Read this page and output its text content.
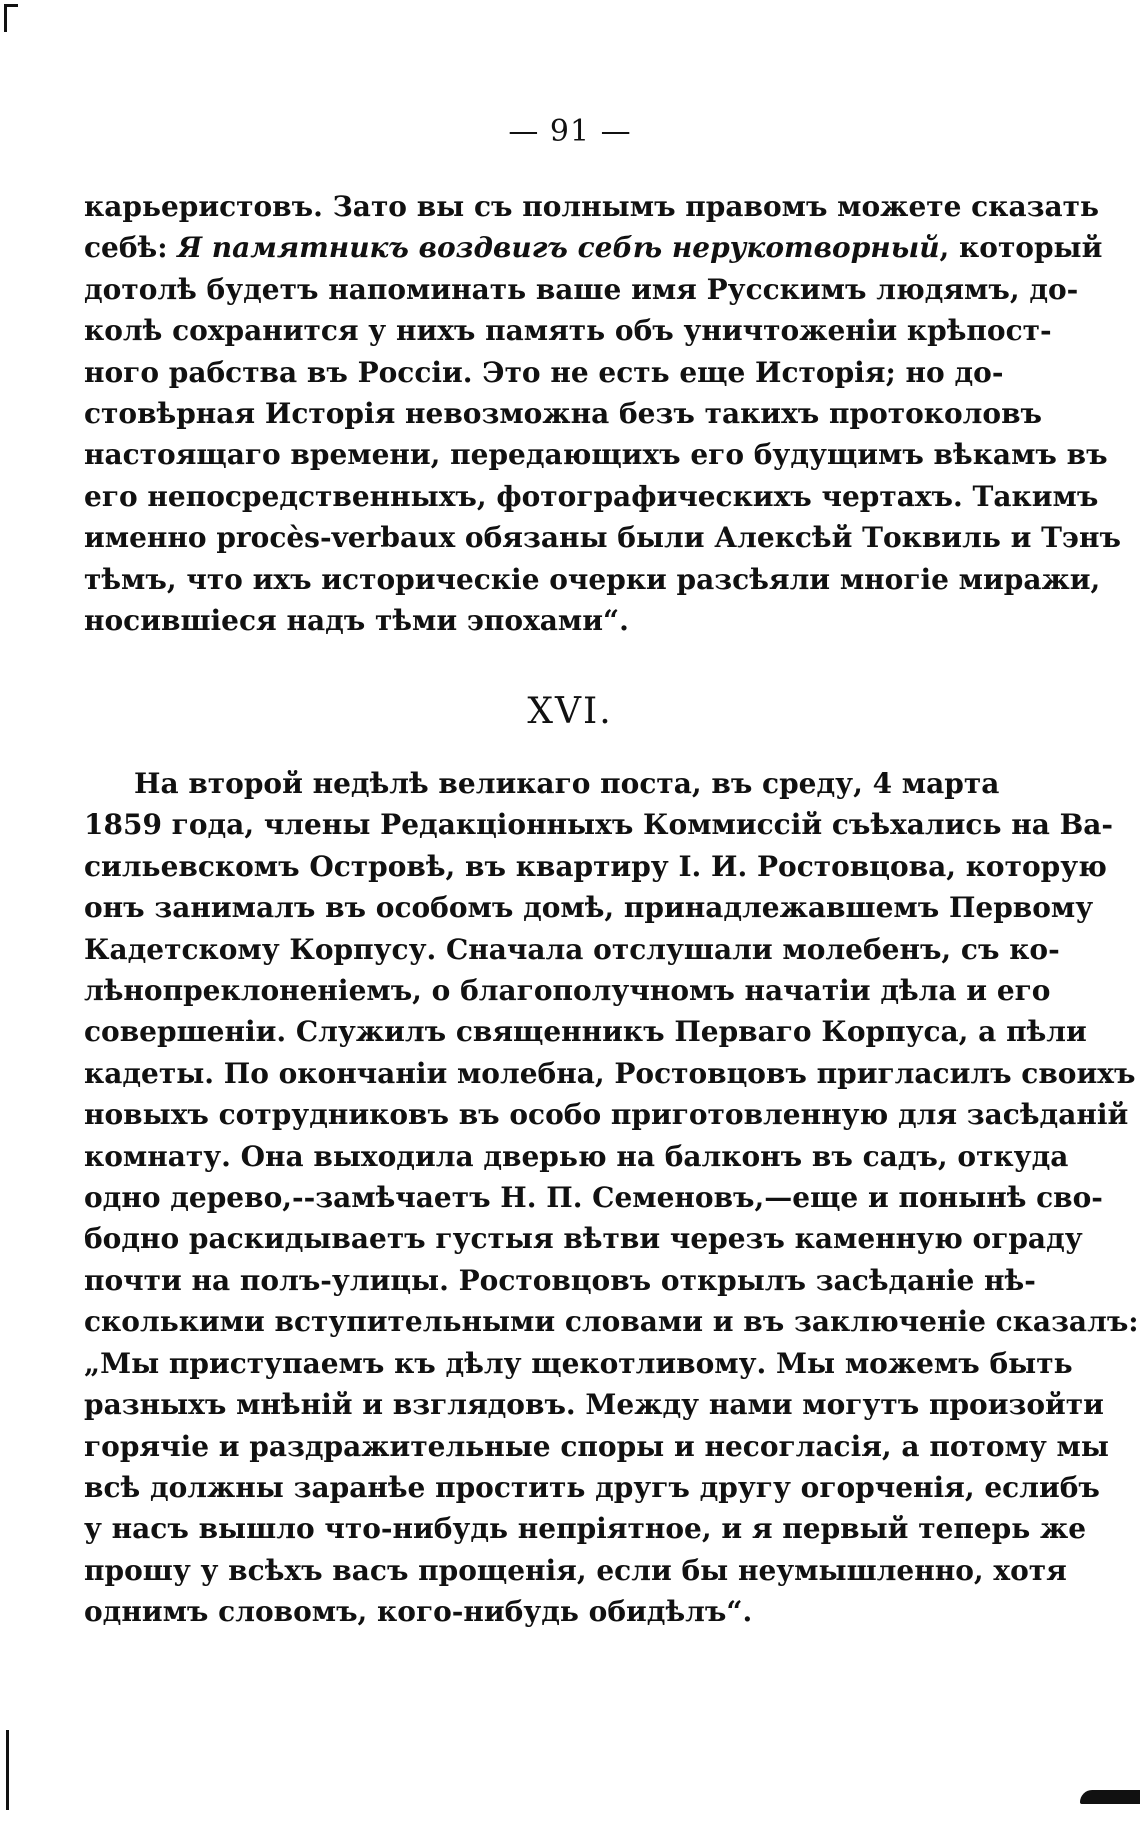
— 91 —
карьеристовъ. Зато вы съ полнымъ правомъ можете сказать
себѣ: Я памятникъ воздвигъ себѣ нерукотворный, который
дотолѣ будетъ напоминать ваше имя Русскимъ людямъ, до-
колѣ сохранится у нихъ память объ уничтоженіи крѣпост-
ного рабства въ Россіи. Это не есть еще Исторія; но до-
стовѣрная Исторія невозможна безъ такихъ протоколовъ
настоящаго времени, передающихъ его будущимъ вѣкамъ въ
его непосредственныхъ, фотографическихъ чертахъ. Такимъ
именно procès-verbaux обязаны были Алексѣй Токвиль и Тэнъ
тѣмъ, что ихъ историческіе очерки разсѣяли многіе миражи,
носившіеся надъ тѣми эпохами“.
XVI.
На второй недѣлѣ великаго поста, въ среду, 4 марта
1859 года, члены Редакціонныхъ Коммиссій съѣхались на Ва-
сильевскомъ Островѣ, въ квартиру І. И. Ростовцова, которую
онъ занималъ въ особомъ домѣ, принадлежавшемъ Первому
Кадетскому Корпусу. Сначала отслушали молебенъ, съ ко-
лѣнопреклоненіемъ, о благополучномъ начатіи дѣла и его
совершеніи. Служилъ священникъ Перваго Корпуса, а пѣли
кадеты. По окончаніи молебна, Ростовцовъ пригласилъ своихъ
новыхъ сотрудниковъ въ особо приготовленную для засѣданій
комнату. Она выходила дверью на балконъ въ садъ, откуда
одно дерево,--замѣчаетъ Н. П. Семеновъ,—еще и понынѣ сво-
бодно раскидываетъ густыя вѣтви черезъ каменную ограду
почти на полъ-улицы. Ростовцовъ открылъ засѣданіе нѣ-
сколькими вступительными словами и въ заключеніе сказалъ:
„Мы приступаемъ къ дѣлу щекотливому. Мы можемъ быть
разныхъ мнѣній и взглядовъ. Между нами могутъ произойти
горячіе и раздражительные споры и несогласія, а потому мы
всѣ должны заранѣе простить другъ другу огорченія, еслибъ
у насъ вышло что-нибудь непріятное, и я первый теперь же
прошу у всѣхъ васъ прощенія, если бы неумышленно, хотя
однимъ словомъ, кого-нибудь обидѣлъ“.
